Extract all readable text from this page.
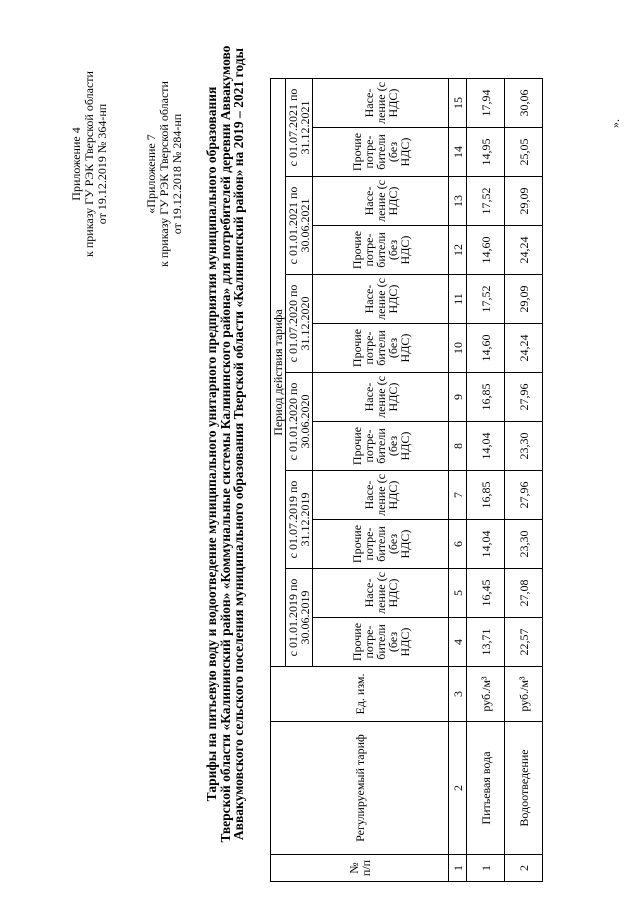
Приложение 4 к приказу ГУ РЭК Тверской области от 19.12.2019 № 364-нп	«Приложение 7 к приказу ГУ РЭК Тверской области от 19.12.2018 № 284-нп Тарифы на питьевую воду и водоотведение муниципального унитарного предприятия муниципального образования
Тверской области «Калининский район» «Коммунальные системы Калининского района» для потребителей деревни Аввакумово
Аввакумовского сельского поселения муниципального образования Тверской области «Калининский район» на 2019 – 2021 годы
№ п/п	Регулируемый тариф	Ед. изм.	Период действия тарифа											
			с 01.01.2019 по 30.06.2019		с 01.07.2019 по 31.12.2019		с 01.01.2020 по 30.06.2020		с 01.07.2020 по 31.12.2020		с 01.01.2021 по 30.06.2021		с 01.07.2021 по 31.12.2021	
			Прочие потре-бители (без НДС)	Насе-ление (с НДС)	Прочие потре-бители (без НДС)	Насе-ление (с НДС)	Прочие потре-бители (без НДС)	Насе-ление (с НДС)	Прочие потре-бители (без НДС)	Насе-ление (с НДС)	Прочие потре-бители (без НДС)	Насе-ление (с НДС)	Прочие потре-бители (без НДС)	Насе-ление (с НДС)
1	2	3	4	5	6	7	8	9	10	11	12	13	14	15
1	Питьевая вода	руб./м³	13,71	16,45	14,04	16,85	14,04	16,85	14,60	17,52	14,60	17,52	14,95	17,94
2	Водоотведение	руб./м³	22,57	27,08	23,30	27,96	23,30	27,96	24,24	29,09	24,24	29,09	25,05	30,06
».
